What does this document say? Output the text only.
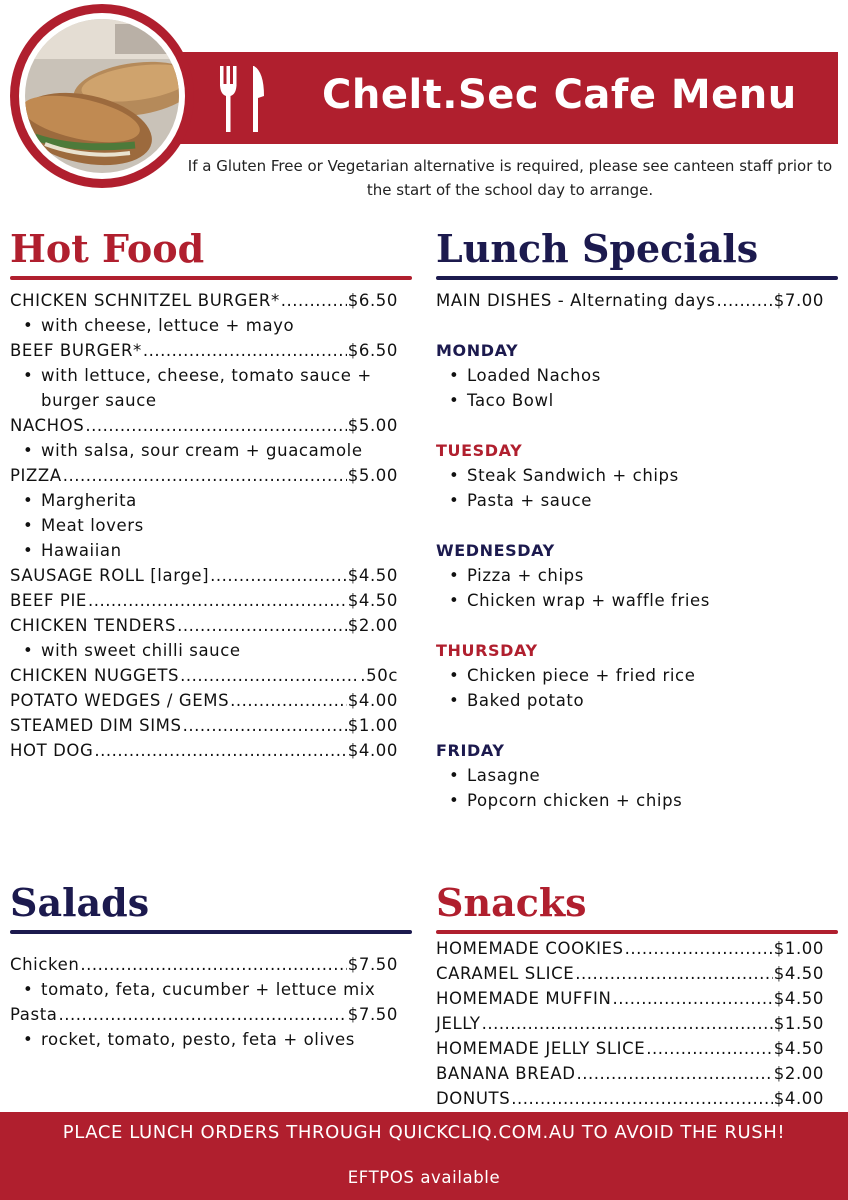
Chelt.Sec Cafe Menu
If a Gluten Free or Vegetarian alternative is required, please see canteen staff prior to the start of the school day to arrange.
Hot Food
CHICKEN SCHNITZEL BURGER* .....	$6.50
• with cheese, lettuce + mayo
BEEF BURGER* .....	$6.50
• with lettuce, cheese, tomato sauce + burger sauce
NACHOS .....	$5.00
• with salsa, sour cream + guacamole
PIZZA .....	$5.00
• Margherita
• Meat lovers
• Hawaiian
SAUSAGE ROLL [large] .....	$4.50
BEEF PIE .....	$4.50
CHICKEN TENDERS .....	$2.00
• with sweet chilli sauce
CHICKEN NUGGETS .....	.50c
POTATO WEDGES / GEMS .....	$4.00
STEAMED DIM SIMS .....	$1.00
HOT DOG .....	$4.00
Lunch Specials
MAIN DISHES - Alternating days .....	$7.00
MONDAY
• Loaded Nachos
• Taco Bowl
TUESDAY
• Steak Sandwich + chips
• Pasta + sauce
WEDNESDAY
• Pizza + chips
• Chicken wrap + waffle fries
THURSDAY
• Chicken piece + fried rice
• Baked potato
FRIDAY
• Lasagne
• Popcorn chicken + chips
Salads
Chicken .....	$7.50
• tomato, feta, cucumber + lettuce mix
Pasta .....	$7.50
• rocket, tomato, pesto, feta + olives
Snacks
HOMEMADE COOKIES .....	$1.00
CARAMEL SLICE .....	$4.50
HOMEMADE MUFFIN .....	$4.50
JELLY .....	$1.50
HOMEMADE JELLY SLICE .....	$4.50
BANANA BREAD .....	$2.00
DONUTS .....	$4.00
PLACE LUNCH ORDERS THROUGH QUICKCLIQ.COM.AU TO AVOID THE RUSH!
EFTPOS available
